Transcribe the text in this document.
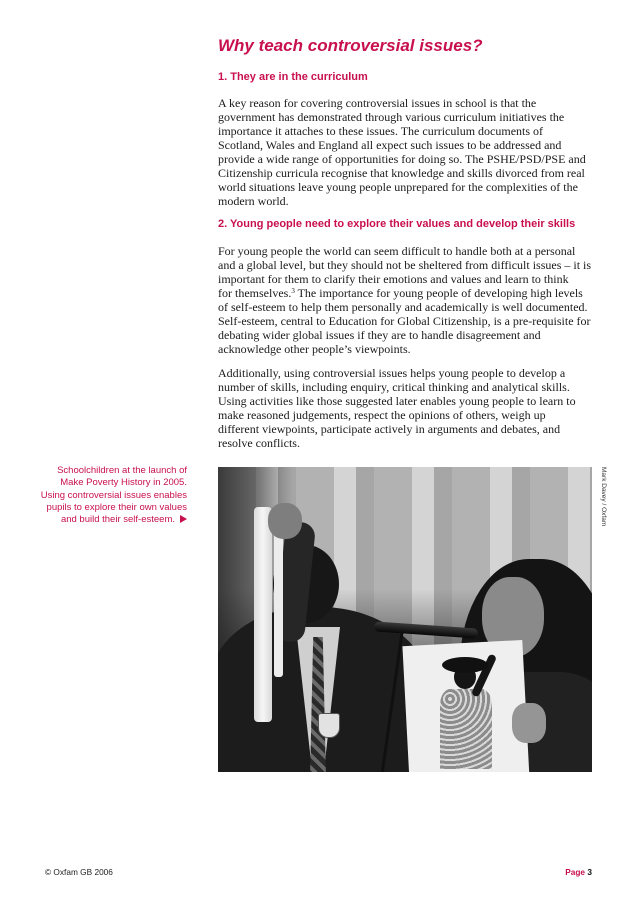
Why teach controversial issues?
1. They are in the curriculum
A key reason for covering controversial issues in school is that the
government has demonstrated through various curriculum initiatives the
importance it attaches to these issues. The curriculum documents of
Scotland, Wales and England all expect such issues to be addressed and
provide a wide range of opportunities for doing so. The PSHE/PSD/PSE and
Citizenship curricula recognise that knowledge and skills divorced from real
world situations leave young people unprepared for the complexities of the
modern world.
2. Young people need to explore their values and develop their skills
For young people the world can seem difficult to handle both at a personal
and a global level, but they should not be sheltered from difficult issues – it is
important for them to clarify their emotions and values and learn to think
for themselves.$^3$ The importance for young people of developing high levels
of self-esteem to help them personally and academically is well documented.
Self-esteem, central to Education for Global Citizenship, is a pre-requisite for
debating wider global issues if they are to handle disagreement and
acknowledge other people’s viewpoints.
Additionally, using controversial issues helps young people to develop a
number of skills, including enquiry, critical thinking and analytical skills.
Using activities like those suggested later enables young people to learn to
make reasoned judgements, respect the opinions of others, weigh up
different viewpoints, participate actively in arguments and debates, and
resolve conflicts.
Schoolchildren at the launch of
Make Poverty History in 2005.
Using controversial issues enables
pupils to explore their own values
and build their self-esteem.	Mark Davey / Oxfam
© Oxfam GB 2006	Page 3
